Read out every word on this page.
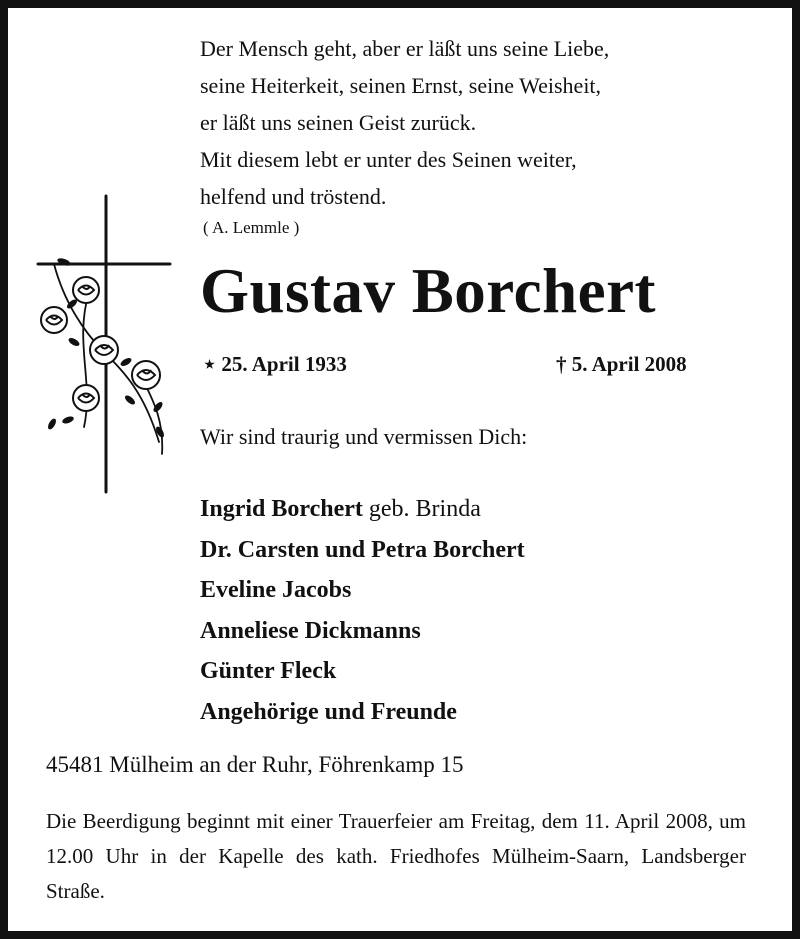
Der Mensch geht, aber er läßt uns seine Liebe,
seine Heiterkeit, seinen Ernst, seine Weisheit,
er läßt uns seinen Geist zurück.
Mit diesem lebt er unter des Seinen weiter,
helfend und tröstend.
( A. Lemmle )
Gustav Borchert
⋆ 25. April 1933	† 5. April 2008
Wir sind traurig und vermissen Dich:
Ingrid Borchert geb. Brinda
Dr. Carsten und Petra Borchert
Eveline Jacobs
Anneliese Dickmanns
Günter Fleck
Angehörige und Freunde
45481 Mülheim an der Ruhr, Föhrenkamp 15
Die Beerdigung beginnt mit einer Trauerfeier am Freitag, dem 11. April 2008, um 12.00 Uhr in der Kapelle des kath. Friedhofes Mülheim-Saarn, Landsberger Straße.
